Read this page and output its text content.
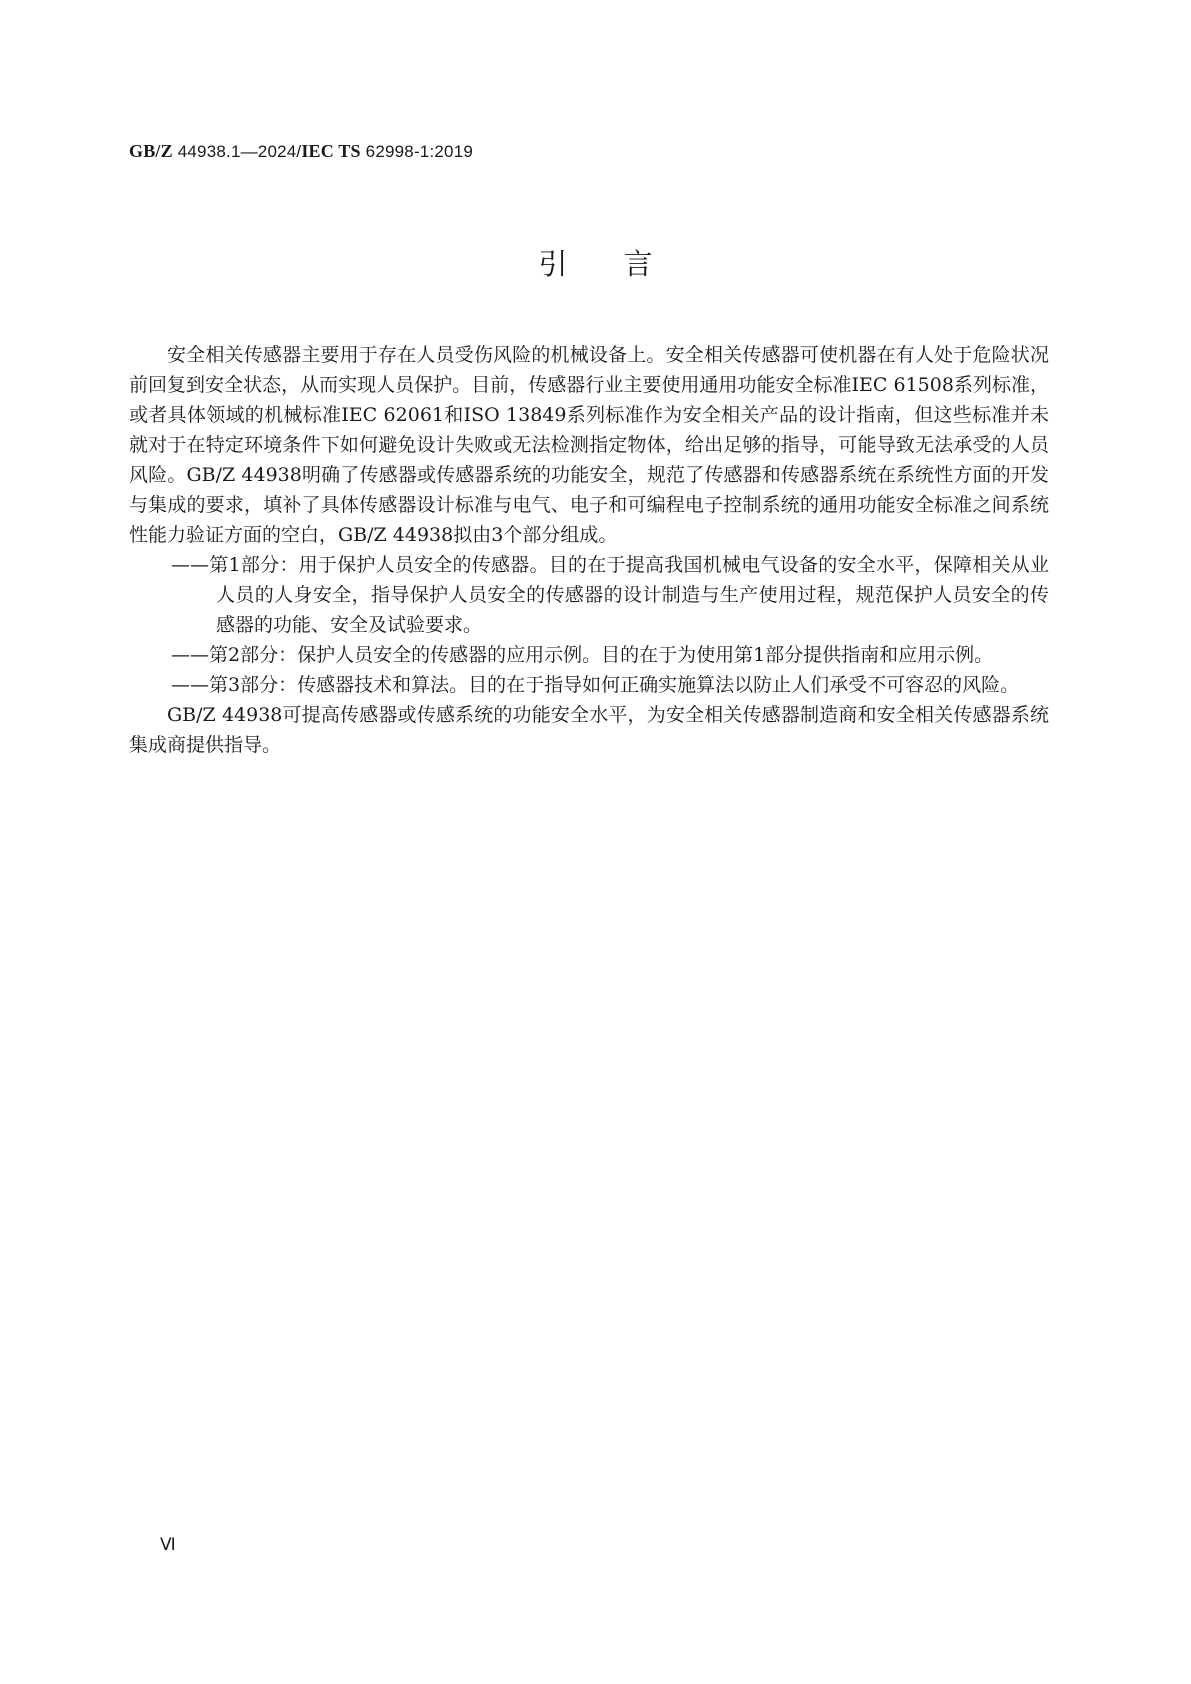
GB/Z 44938.1—2024/IEC TS 62998-1:2019
引言

安全相关传感器主要用于存在人员受伤风险的机械设备上。安全相关传感器可使机器在有人处于危险状况前回复到安全状态，从而实现人员保护。目前，传感器行业主要使用通用功能安全标准IEC 61508系列标准，或者具体领域的机械标准IEC 62061和ISO 13849系列标准作为安全相关产品的设计指南，但这些标准并未就对于在特定环境条件下如何避免设计失败或无法检测指定物体，给出足够的指导，可能导致无法承受的人员风险。GB/Z 44938明确了传感器或传感器系统的功能安全，规范了传感器和传感器系统在系统性方面的开发与集成的要求，填补了具体传感器设计标准与电气、电子和可编程电子控制系统的通用功能安全标准之间系统性能力验证方面的空白，GB/Z 44938拟由3个部分组成。

——第1部分：用于保护人员安全的传感器。目的在于提高我国机械电气设备的安全水平，保障相关从业人员的人身安全，指导保护人员安全的传感器的设计制造与生产使用过程，规范保护人员安全的传感器的功能、安全及试验要求。

——第2部分：保护人员安全的传感器的应用示例。目的在于为使用第1部分提供指南和应用示例。

——第3部分：传感器技术和算法。目的在于指导如何正确实施算法以防止人们承受不可容忍的风险。

GB/Z 44938可提高传感器或传感系统的功能安全水平，为安全相关传感器制造商和安全相关传感器系统集成商提供指导。

Ⅵ
